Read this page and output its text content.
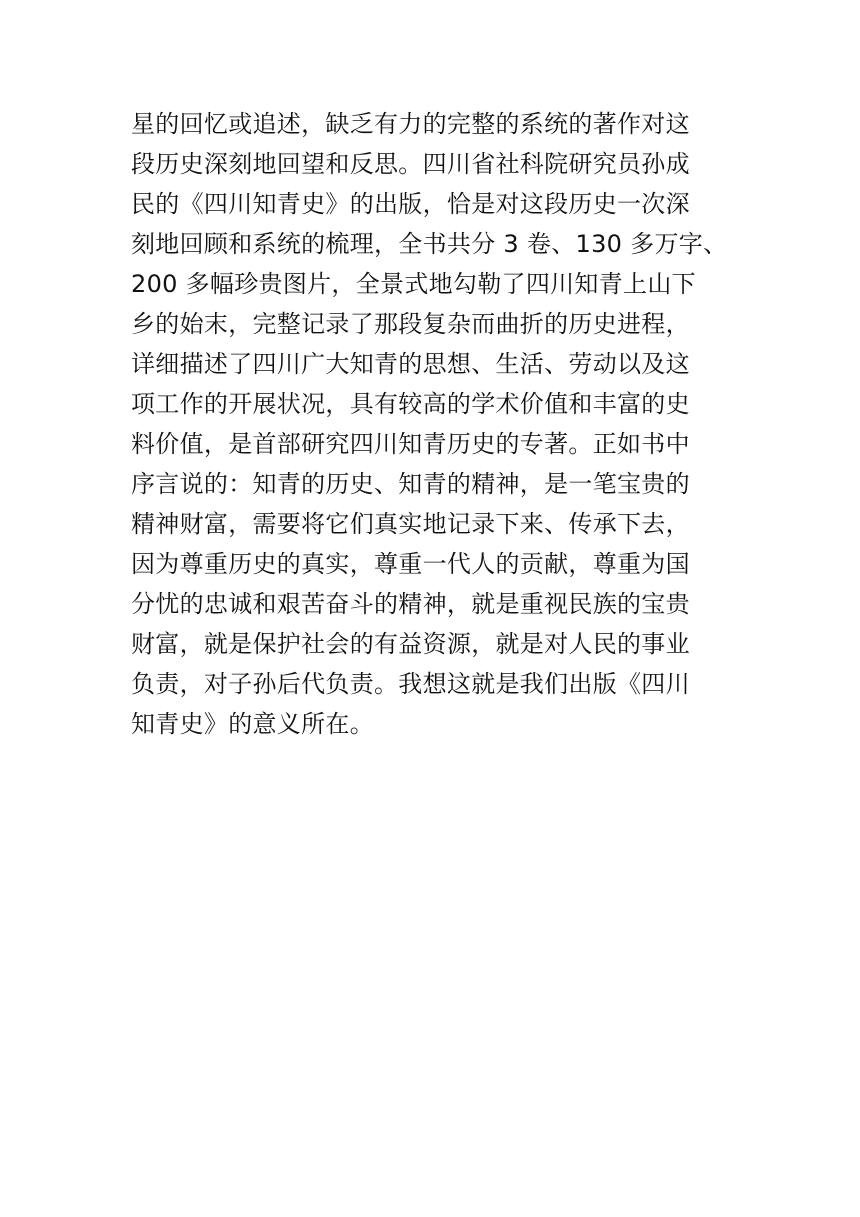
星的回忆或追述，缺乏有力的完整的系统的著作对这
段历史深刻地回望和反思。四川省社科院研究员孙成
民的《四川知青史》的出版，恰是对这段历史一次深
刻地回顾和系统的梳理，全书共分 3 卷、130 多万字、
200 多幅珍贵图片，全景式地勾勒了四川知青上山下
乡的始末，完整记录了那段复杂而曲折的历史进程，
详细描述了四川广大知青的思想、生活、劳动以及这
项工作的开展状况，具有较高的学术价值和丰富的史
料价值，是首部研究四川知青历史的专著。正如书中
序言说的：知青的历史、知青的精神，是一笔宝贵的
精神财富，需要将它们真实地记录下来、传承下去，
因为尊重历史的真实，尊重一代人的贡献，尊重为国
分忧的忠诚和艰苦奋斗的精神，就是重视民族的宝贵
财富，就是保护社会的有益资源，就是对人民的事业
负责，对子孙后代负责。我想这就是我们出版《四川
知青史》的意义所在。
